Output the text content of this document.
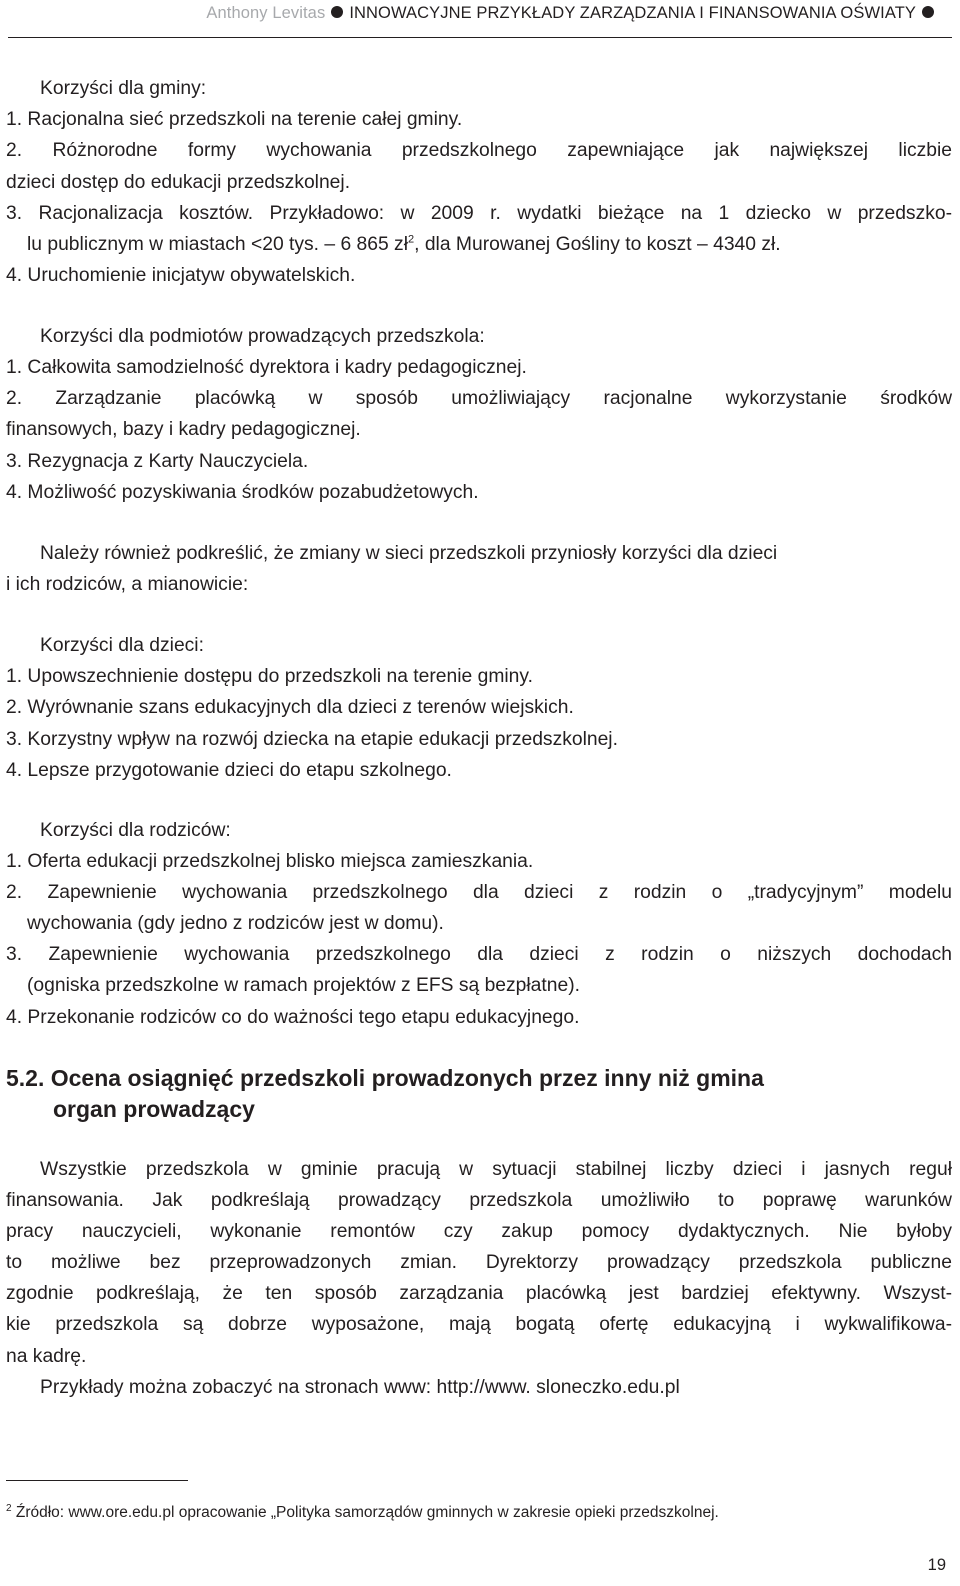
Anthony Levitas INNOWACYJNE PRZYKŁADY ZARZĄDZANIA I FINANSOWANIA OŚWIATY
Korzyści dla gminy:
1. Racjonalna sieć przedszkoli na terenie całej gminy.
2. Różnorodne formy wychowania przedszkolnego zapewniające jak największej liczbie
dzieci dostęp do edukacji przedszkolnej.
3. Racjonalizacja kosztów. Przykładowo: w 2009 r. wydatki bieżące na 1 dziecko w przedszko-
lu publicznym w miastach <20 tys. – 6 865 $zł^2$, dla Murowanej Gośliny to koszt – 4340 zł.
4. Uruchomienie inicjatyw obywatelskich.
Korzyści dla podmiotów prowadzących przedszkola:
1. Całkowita samodzielność dyrektora i kadry pedagogicznej.
2. Zarządzanie placówką w sposób umożliwiający racjonalne wykorzystanie środków
finansowych, bazy i kadry pedagogicznej.
3. Rezygnacja z Karty Nauczyciela.
4. Możliwość pozyskiwania środków pozabudżetowych.
Należy również podkreślić, że zmiany w sieci przedszkoli przyniosły korzyści dla dzieci
i ich rodziców, a mianowicie:
Korzyści dla dzieci:
1. Upowszechnienie dostępu do przedszkoli na terenie gminy.
2. Wyrównanie szans edukacyjnych dla dzieci z terenów wiejskich.
3. Korzystny wpływ na rozwój dziecka na etapie edukacji przedszkolnej.
4. Lepsze przygotowanie dzieci do etapu szkolnego.
Korzyści dla rodziców:
1. Oferta edukacji przedszkolnej blisko miejsca zamieszkania.
2. Zapewnienie wychowania przedszkolnego dla dzieci z rodzin o „tradycyjnym” modelu
wychowania (gdy jedno z rodziców jest w domu).
3. Zapewnienie wychowania przedszkolnego dla dzieci z rodzin o niższych dochodach
(ogniska przedszkolne w ramach projektów z EFS są bezpłatne).
4. Przekonanie rodziców co do ważności tego etapu edukacyjnego.
5.2. Ocena osiągnięć przedszkoli prowadzonych przez inny niż gmina
organ prowadzący
Wszystkie przedszkola w gminie pracują w sytuacji stabilnej liczby dzieci i jasnych reguł
finansowania. Jak podkreślają prowadzący przedszkola umożliwiło to poprawę warunków
pracy nauczycieli, wykonanie remontów czy zakup pomocy dydaktycznych. Nie byłoby
to możliwe bez przeprowadzonych zmian. Dyrektorzy prowadzący przedszkola publiczne
zgodnie podkreślają, że ten sposób zarządzania placówką jest bardziej efektywny. Wszyst-
kie przedszkola są dobrze wyposażone, mają bogatą ofertę edukacyjną i wykwalifikowa-
na kadrę.
Przykłady można zobaczyć na stronach www: http://www. sloneczko.edu.pl
$^2$ Źródło: www.ore.edu.pl opracowanie „Polityka samorządów gminnych w zakresie opieki przedszkolnej.
19
